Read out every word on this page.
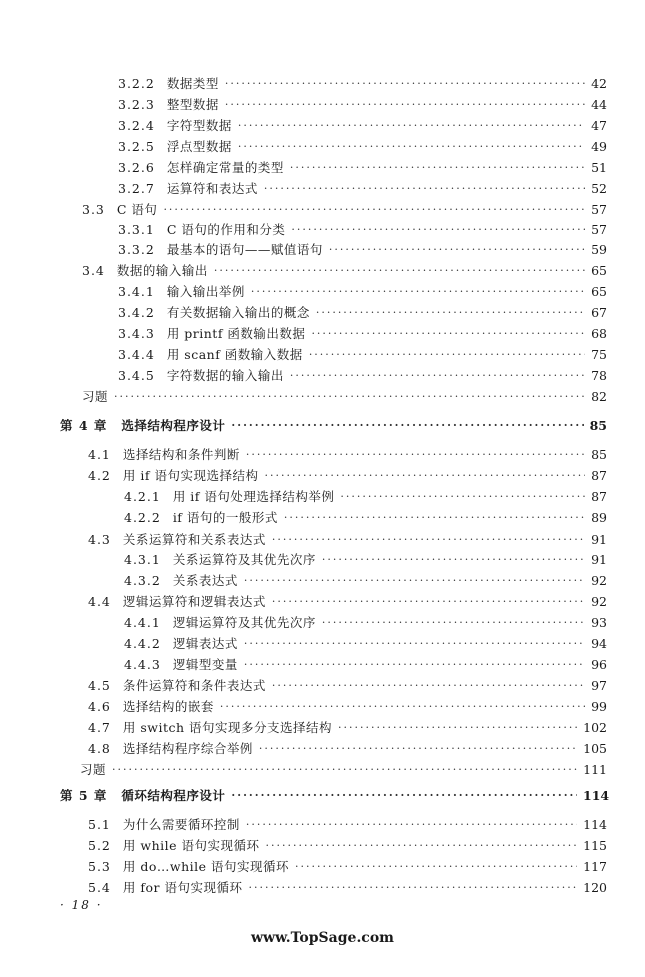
3.2.2 数据类型 ·····	42
3.2.3 整型数据 ·····	44
3.2.4 字符型数据 ·····	47
3.2.5 浮点型数据 ·····	49
3.2.6 怎样确定常量的类型 ·····	51
3.2.7 运算符和表达式 ·····	52
3.3 C 语句 ·····	57
3.3.1 C 语句的作用和分类 ·····	57
3.3.2 最基本的语句——赋值语句 ·····	59
3.4 数据的输入输出 ·····	65
3.4.1 输入输出举例 ·····	65
3.4.2 有关数据输入输出的概念 ·····	67
3.4.3 用 printf 函数输出数据 ·····	68
3.4.4 用 scanf 函数输入数据 ·····	75
3.4.5 字符数据的输入输出 ·····	78
习题 ·····	82
第 4 章 选择结构程序设计 ·····	85
4.1 选择结构和条件判断 ·····	85
4.2 用 if 语句实现选择结构 ·····	87
4.2.1 用 if 语句处理选择结构举例 ·····	87
4.2.2 if 语句的一般形式 ·····	89
4.3 关系运算符和关系表达式 ·····	91
4.3.1 关系运算符及其优先次序 ·····	91
4.3.2 关系表达式 ·····	92
4.4 逻辑运算符和逻辑表达式 ·····	92
4.4.1 逻辑运算符及其优先次序 ·····	93
4.4.2 逻辑表达式 ·····	94
4.4.3 逻辑型变量 ·····	96
4.5 条件运算符和条件表达式 ·····	97
4.6 选择结构的嵌套 ·····	99
4.7 用 switch 语句实现多分支选择结构 ·····	102
4.8 选择结构程序综合举例 ·····	105
习题 ·····	111
第 5 章 循环结构程序设计 ·····	114
5.1 为什么需要循环控制 ·····	114
5.2 用 while 语句实现循环 ·····	115
5.3 用 do…while 语句实现循环 ·····	117
5.4 用 for 语句实现循环 ·····	120
· 18 ·
www.TopSage.com
